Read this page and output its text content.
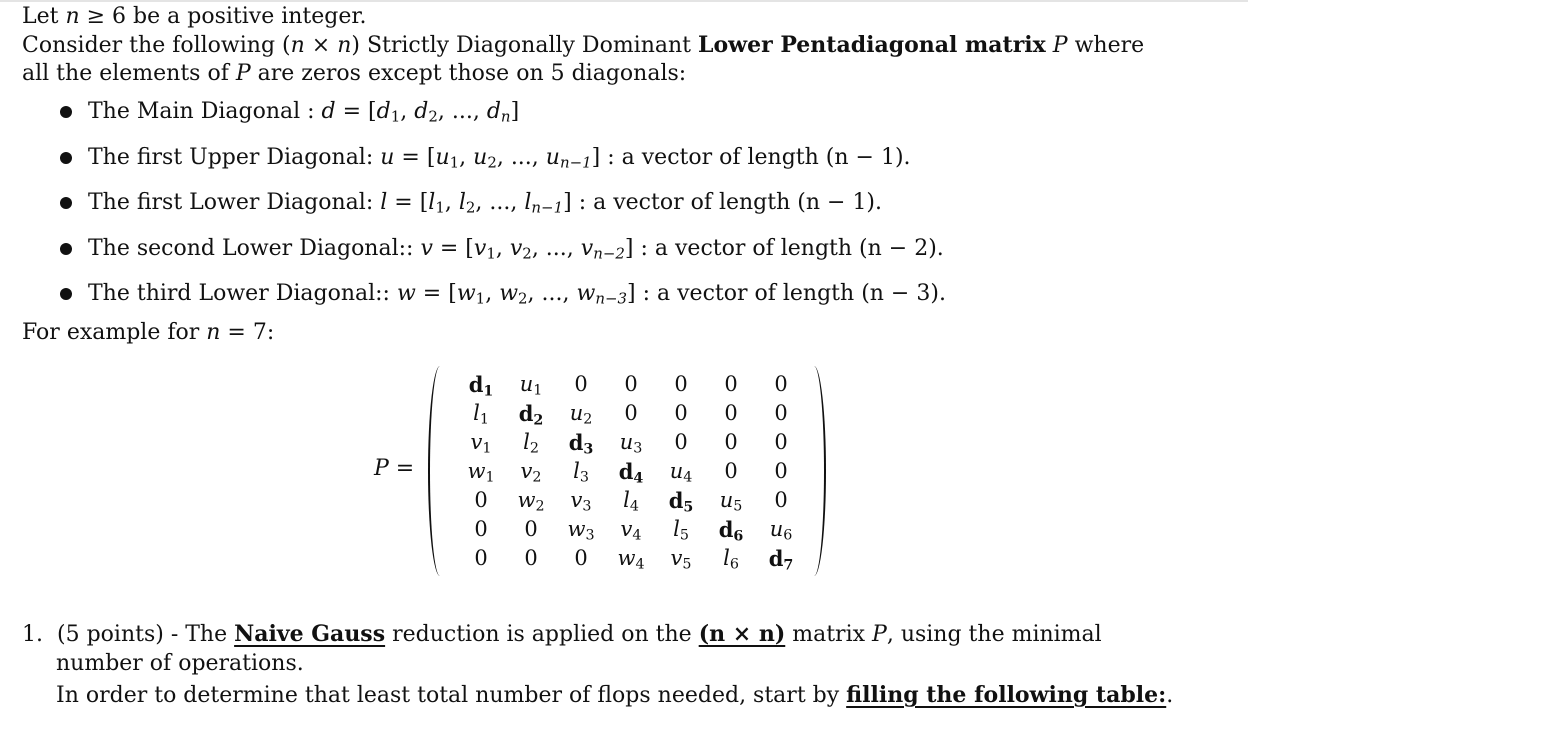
Let n ≥ 6 be a positive integer.
Consider the following (n × n) Strictly Diagonally Dominant Lower Pentadiagonal matrix P where
all the elements of P are zeros except those on 5 diagonals:
The Main Diagonal : $d = [d_1$, $d_2$, ..., $d_n$]
The first Upper Diagonal: $u = [u_1$, $u_2$, ..., $u_{n-1}$] : a vector of length (n − 1).
The first Lower Diagonal: $l = [l_1$, $l_2$, ..., $l_{n-1}$] : a vector of length (n − 1).
The second Lower Diagonal:: $v = [v_1$, $v_2$, ..., $v_{n-2}$] : a vector of length (n − 2).
The third Lower Diagonal:: $w = [w_1$, $w_2$, ..., $w_{n-3}$] : a vector of length (n − 3).
For example for n = 7:
P =
$d_1$	$u_1$	0	0	0	0	0
$l_1$	$d_2$	$u_2$	0	0	0	0
$v_1$	$l_2$	$d_3$	$u_3$	0	0	0
$w_1$	$v_2$	$l_3$	$d_4$	$u_4$	0	0
0	$w_2$	$v_3$	$l_4$	$d_5$	$u_5$	0
0	0	$w_3$	$v_4$	$l_5$	$d_6$	$u_6$
0	0	0	$w_4$	$v_5$	$l_6$	$d_7$
1. (5 points) - The Naive Gauss reduction is applied on the (n × n) matrix P, using the minimal
number of operations.
In order to determine that least total number of flops needed, start by filling the following table:.
